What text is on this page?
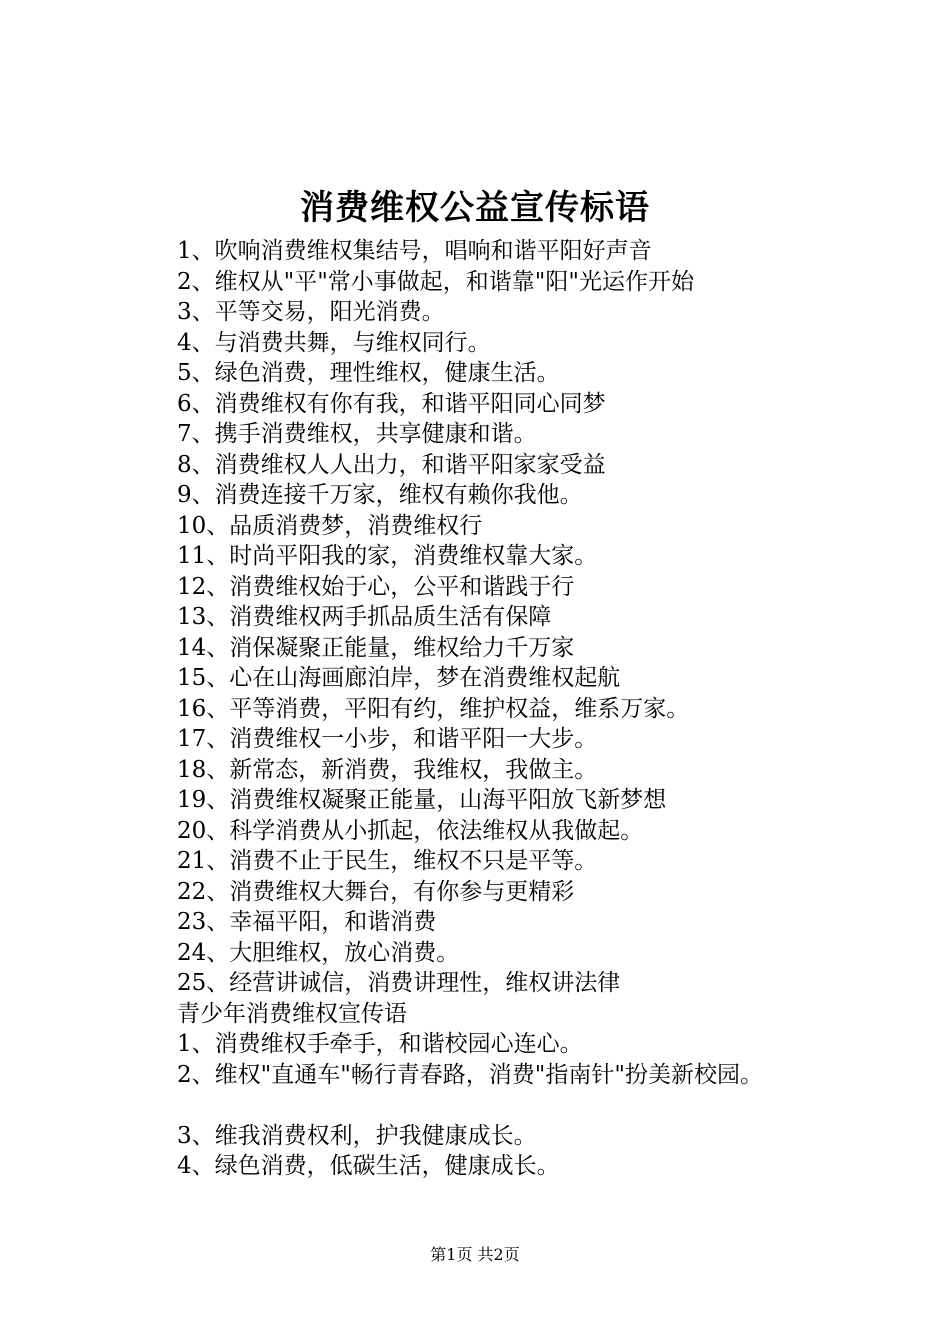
消费维权公益宣传标语
1、吹响消费维权集结号，唱响和谐平阳好声音
2、维权从"平"常小事做起，和谐靠"阳"光运作开始
3、平等交易，阳光消费。
4、与消费共舞，与维权同行。
5、绿色消费，理性维权，健康生活。
6、消费维权有你有我，和谐平阳同心同梦
7、携手消费维权，共享健康和谐。
8、消费维权人人出力，和谐平阳家家受益
9、消费连接千万家，维权有赖你我他。
10、品质消费梦，消费维权行
11、时尚平阳我的家，消费维权靠大家。
12、消费维权始于心，公平和谐践于行
13、消费维权两手抓品质生活有保障
14、消保凝聚正能量，维权给力千万家
15、心在山海画廊泊岸，梦在消费维权起航
16、平等消费，平阳有约，维护权益，维系万家。
17、消费维权一小步，和谐平阳一大步。
18、新常态，新消费，我维权，我做主。
19、消费维权凝聚正能量，山海平阳放飞新梦想
20、科学消费从小抓起，依法维权从我做起。
21、消费不止于民生，维权不只是平等。
22、消费维权大舞台，有你参与更精彩
23、幸福平阳，和谐消费
24、大胆维权，放心消费。
25、经营讲诚信，消费讲理性，维权讲法律
青少年消费维权宣传语
1、消费维权手牵手，和谐校园心连心。
2、维权"直通车"畅行青春路，消费"指南针"扮美新校园。
3、维我消费权利，护我健康成长。
4、绿色消费，低碳生活，健康成长。
第1页 共2页
